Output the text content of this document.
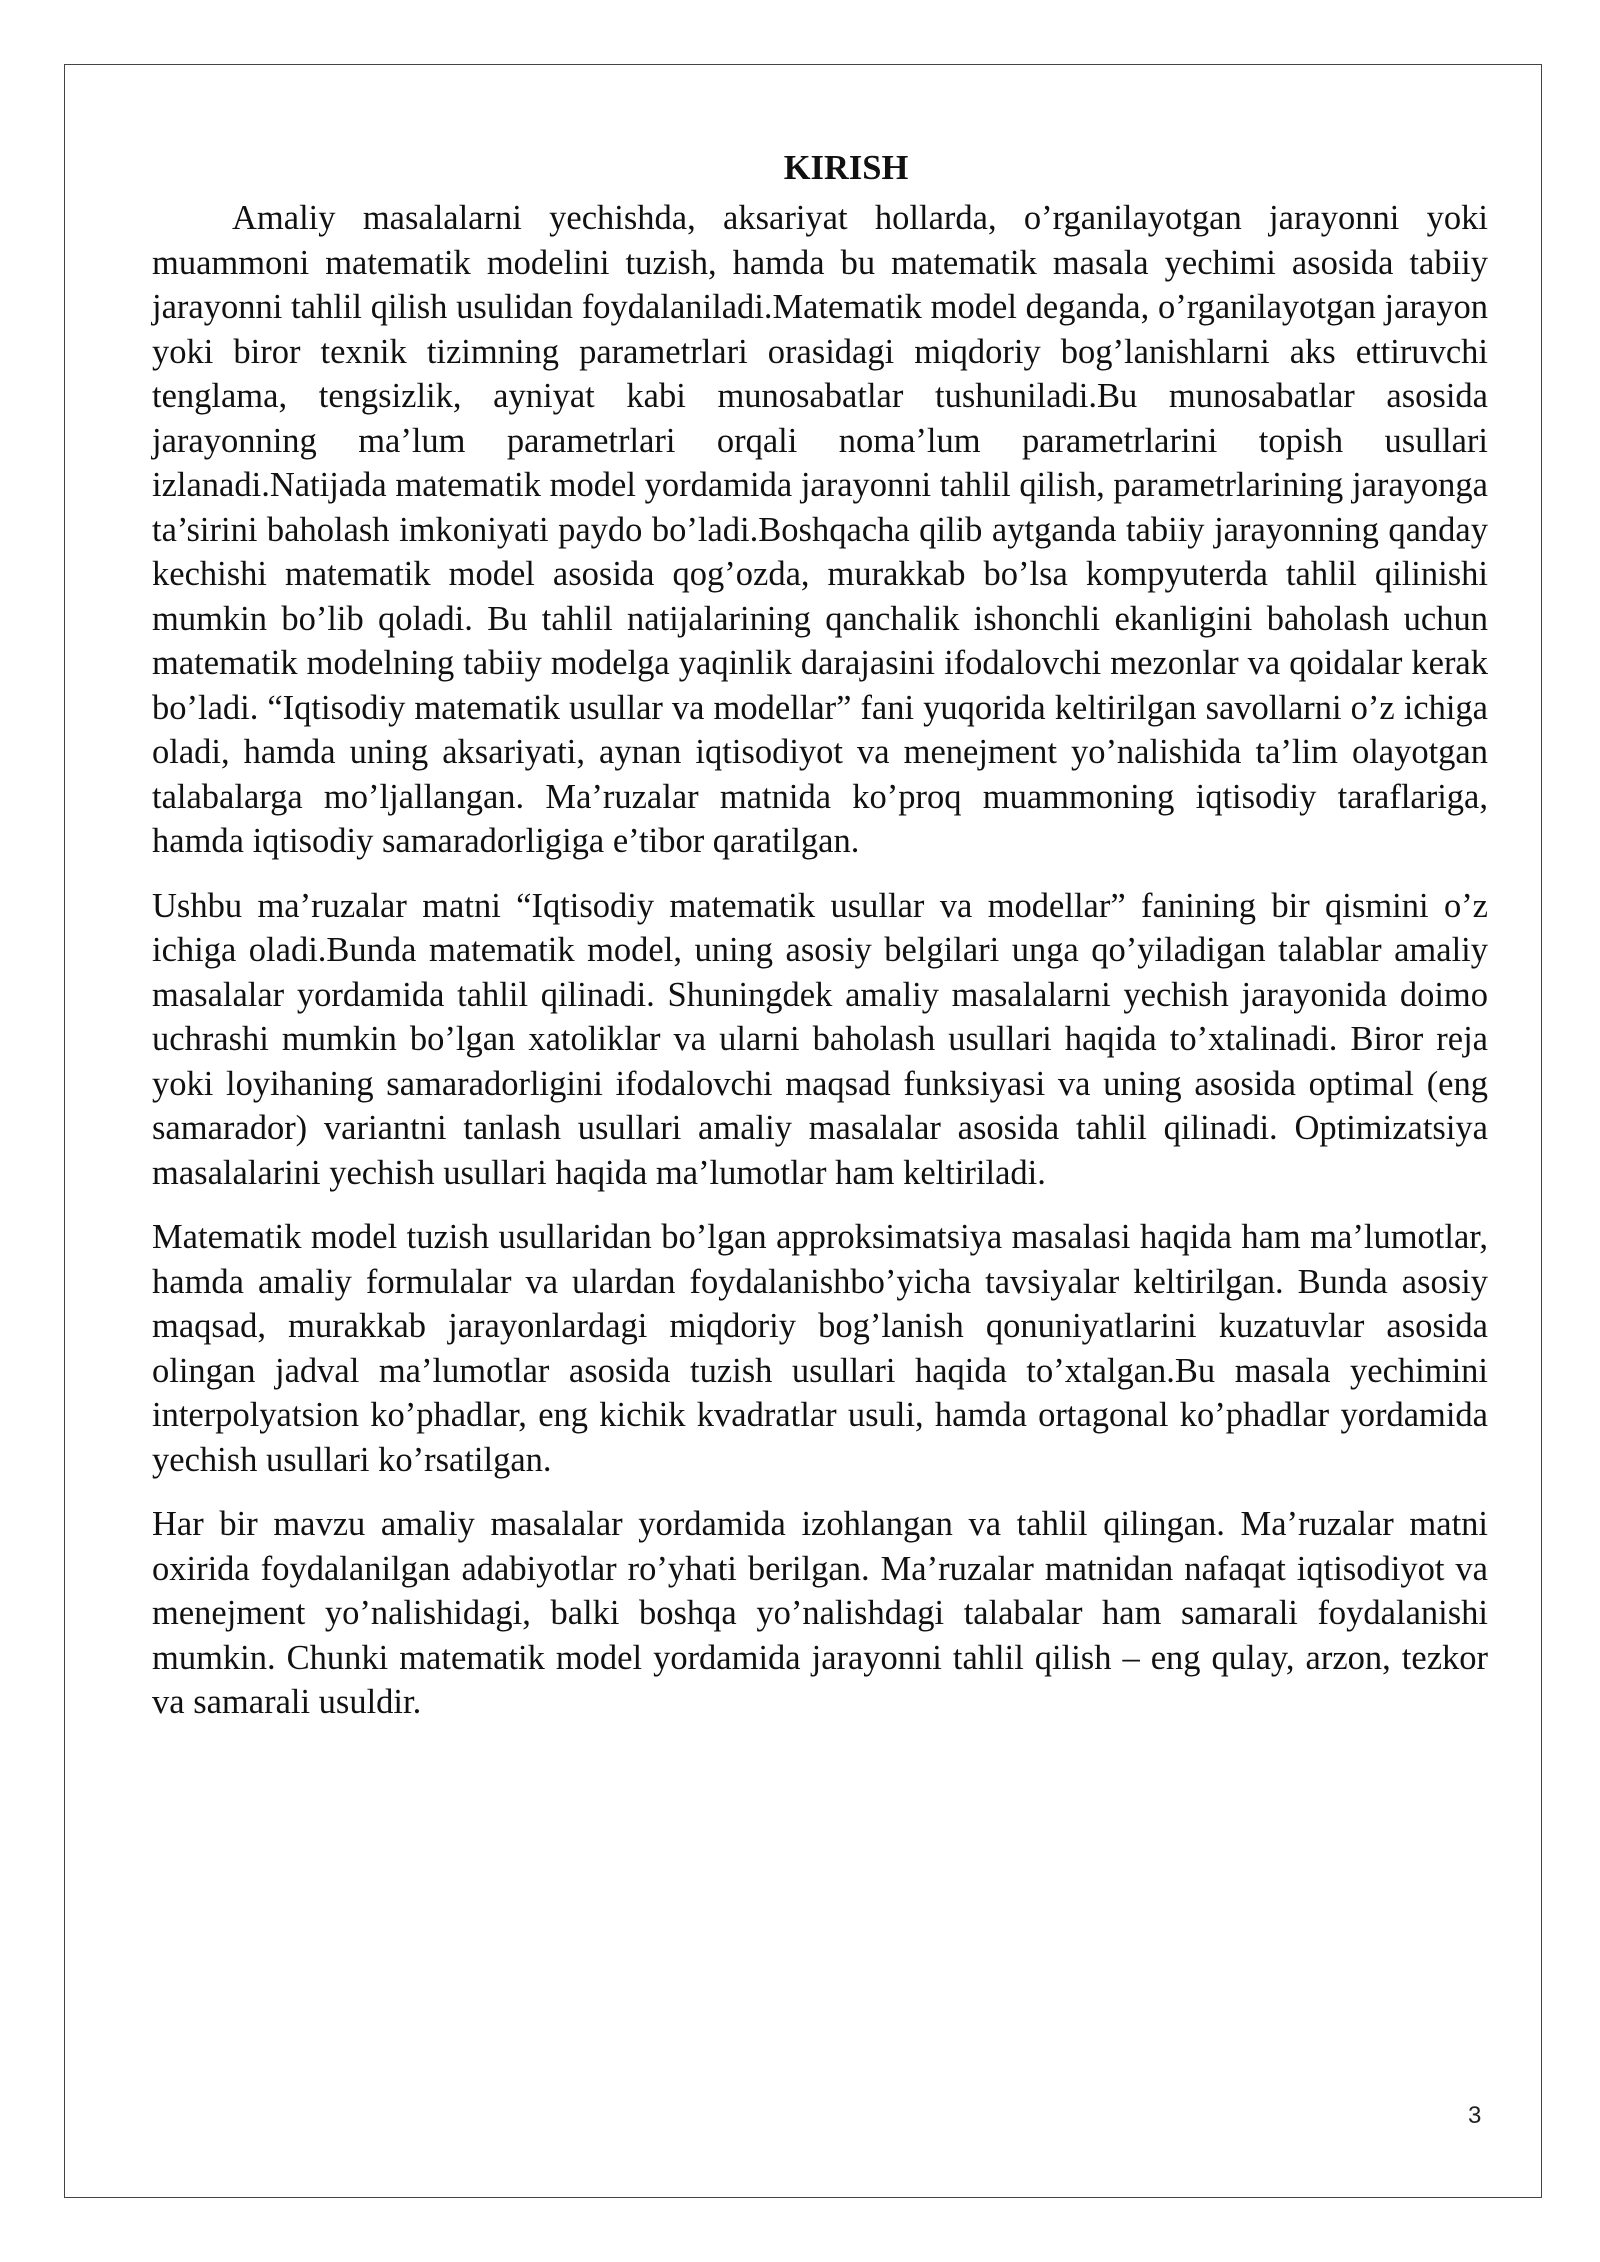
KIRISH

Amaliy masalalarni yechishda, aksariyat hollarda, o’rganilayotgan jarayonni yoki muammoni matematik modelini tuzish, hamda bu matematik masala yechimi asosida tabiiy jarayonni tahlil qilish usulidan foydalaniladi.Matematik model deganda, o’rganilayotgan jarayon yoki biror texnik tizimning parametrlari orasidagi miqdoriy bog’lanishlarni aks ettiruvchi tenglama, tengsizlik, ayniyat kabi munosabatlar tushuniladi.Bu munosabatlar asosida jarayonning ma’lum parametrlari orqali noma’lum parametrlarini topish usullari izlanadi.Natijada matematik model yordamida jarayonni tahlil qilish, parametrlarining jarayonga ta’sirini baholash imkoniyati paydo bo’ladi.Boshqacha qilib aytganda tabiiy jarayonning qanday kechishi matematik model asosida qog’ozda, murakkab bo’lsa kompyuterda tahlil qilinishi mumkin bo’lib qoladi. Bu tahlil natijalarining qanchalik ishonchli ekanligini baholash uchun matematik modelning tabiiy modelga yaqinlik darajasini ifodalovchi mezonlar va qoidalar kerak bo’ladi. “Iqtisodiy matematik usullar va modellar” fani yuqorida keltirilgan savollarni o’z ichiga oladi, hamda uning aksariyati, aynan iqtisodiyot va menejment yo’nalishida ta’lim olayotgan talabalarga mo’ljallangan. Ma’ruzalar matnida ko’proq muammoning iqtisodiy taraflariga, hamda iqtisodiy samaradorligiga e’tibor qaratilgan.

Ushbu ma’ruzalar matni “Iqtisodiy matematik usullar va modellar” fanining bir qismini o’z ichiga oladi.Bunda matematik model, uning asosiy belgilari unga qo’yiladigan talablar amaliy masalalar yordamida tahlil qilinadi. Shuningdek amaliy masalalarni yechish jarayonida doimo uchrashi mumkin bo’lgan xatoliklar va ularni baholash usullari haqida to’xtalinadi. Biror reja yoki loyihaning samaradorligini ifodalovchi maqsad funksiyasi va uning asosida optimal (eng samarador) variantni tanlash usullari amaliy masalalar asosida tahlil qilinadi. Optimizatsiya masalalarini yechish usullari haqida ma’lumotlar ham keltiriladi.

Matematik model tuzish usullaridan bo’lgan approksimatsiya masalasi haqida ham ma’lumotlar, hamda amaliy formulalar va ulardan foydalanishbo’yicha tavsiyalar keltirilgan. Bunda asosiy maqsad, murakkab jarayonlardagi miqdoriy bog’lanish qonuniyatlarini kuzatuvlar asosida olingan jadval ma’lumotlar asosida tuzish usullari haqida to’xtalgan.Bu masala yechimini interpolyatsion ko’phadlar, eng kichik kvadratlar usuli, hamda ortagonal ko’phadlar yordamida yechish usullari ko’rsatilgan.

Har bir mavzu amaliy masalalar yordamida izohlangan va tahlil qilingan. Ma’ruzalar matni oxirida foydalanilgan adabiyotlar ro’yhati berilgan. Ma’ruzalar matnidan nafaqat iqtisodiyot va menejment yo’nalishidagi, balki boshqa yo’nalishdagi talabalar ham samarali foydalanishi mumkin. Chunki matematik model yordamida jarayonni tahlil qilish – eng qulay, arzon, tezkor va samarali usuldir.

3
